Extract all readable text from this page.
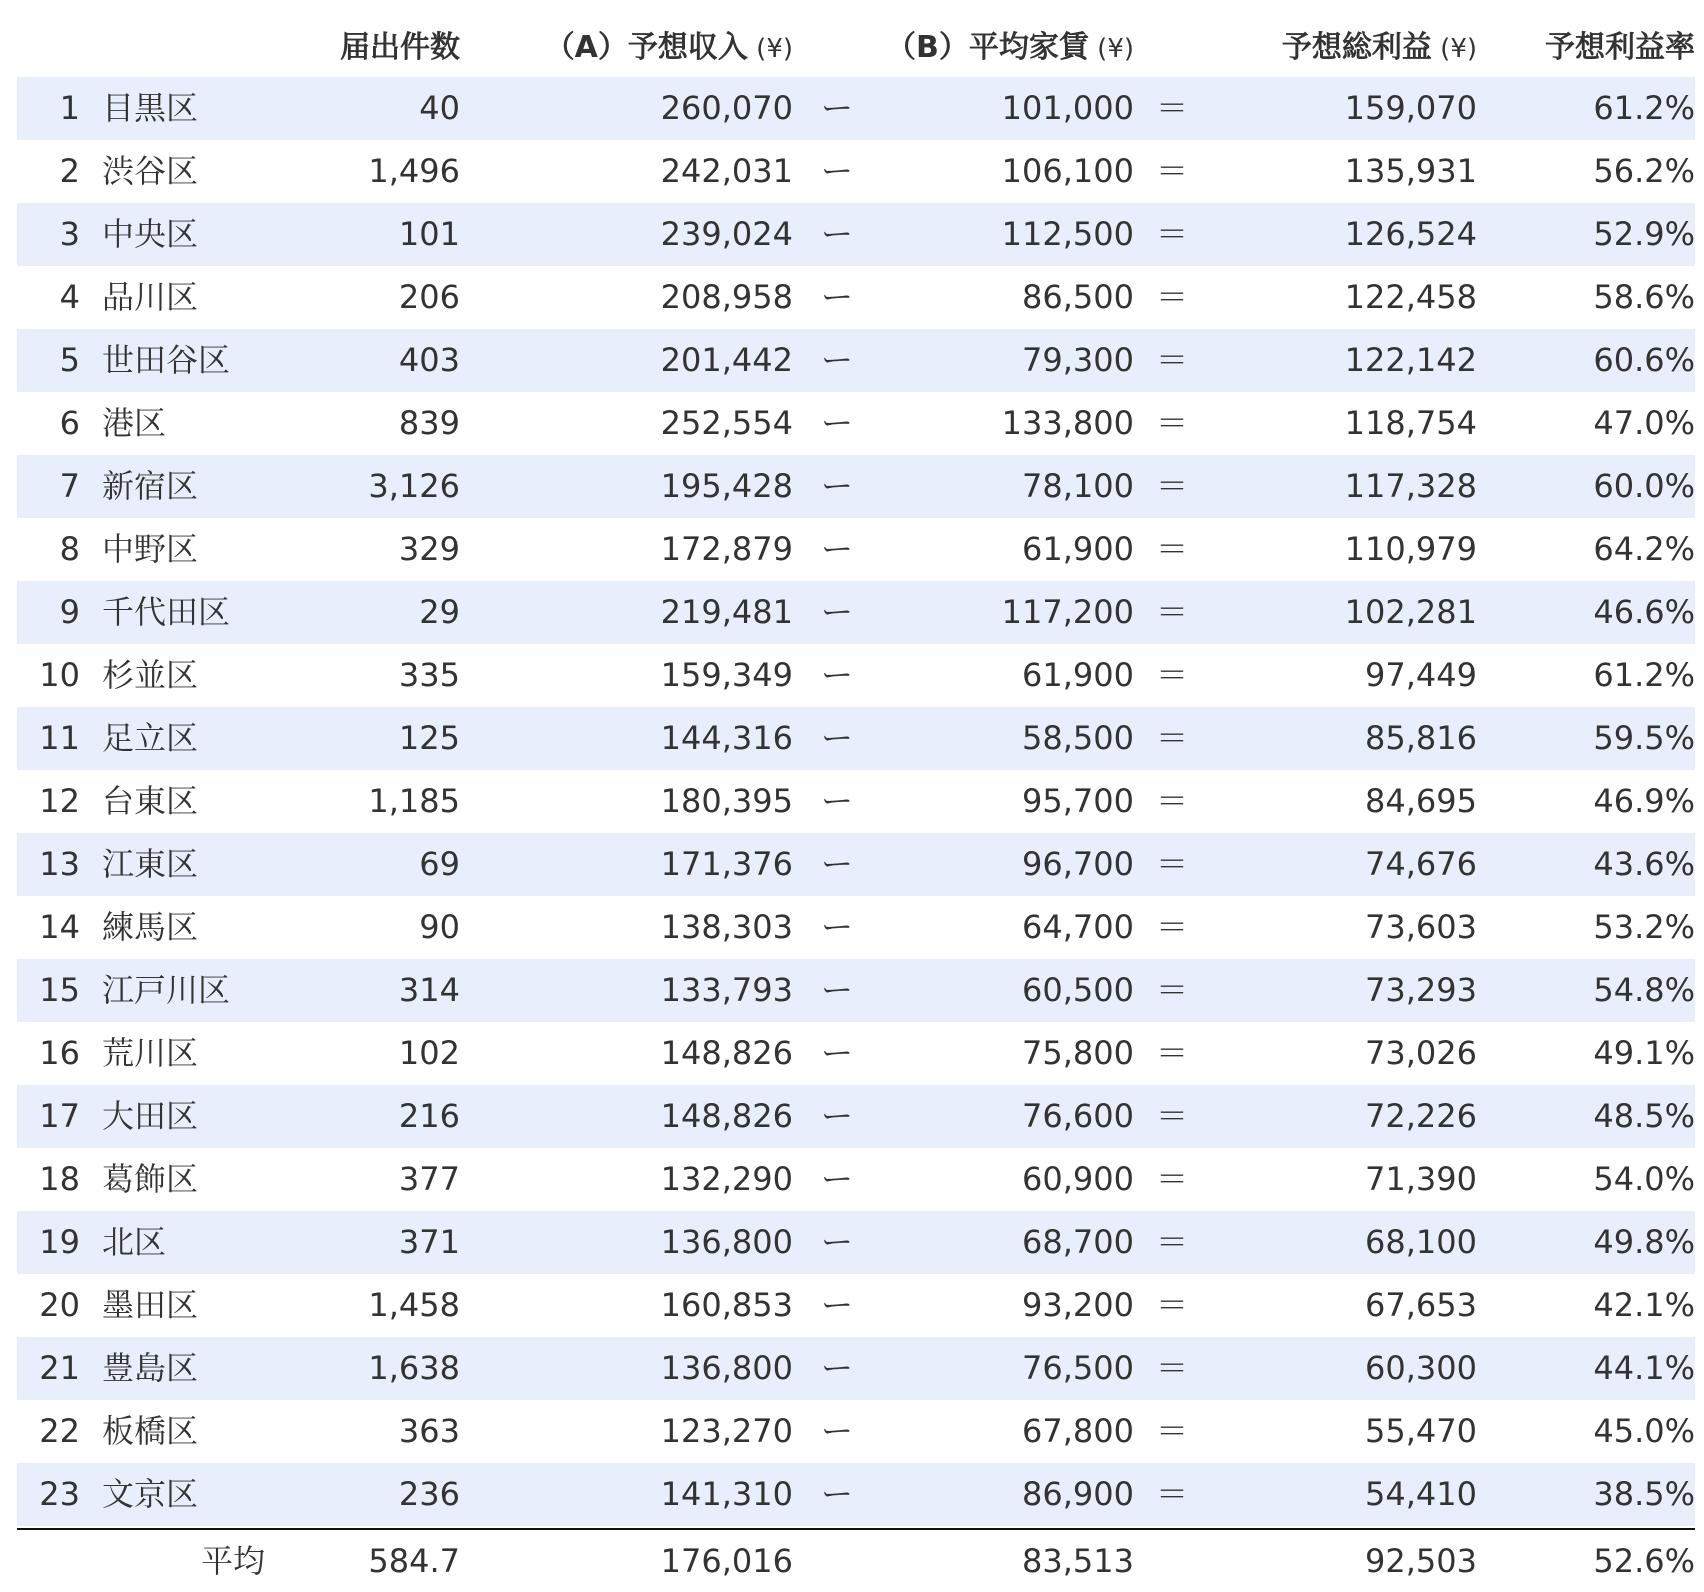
届出件数	（A）予想収入 (¥)	（B）平均家賃 (¥)	予想総利益 (¥)	予想利益率
1 目黒区	40	260,070 ー	101,000 ＝	159,070	61.2%
2 渋谷区	1,496	242,031 ー	106,100 ＝	135,931	56.2%
3 中央区	101	239,024 ー	112,500 ＝	126,524	52.9%
4 品川区	206	208,958 ー	86,500 ＝	122,458	58.6%
5 世田谷区	403	201,442 ー	79,300 ＝	122,142	60.6%
6 港区	839	252,554 ー	133,800 ＝	118,754	47.0%
7 新宿区	3,126	195,428 ー	78,100 ＝	117,328	60.0%
8 中野区	329	172,879 ー	61,900 ＝	110,979	64.2%
9 千代田区	29	219,481 ー	117,200 ＝	102,281	46.6%
10 杉並区	335	159,349 ー	61,900 ＝	97,449	61.2%
11 足立区	125	144,316 ー	58,500 ＝	85,816	59.5%
12 台東区	1,185	180,395 ー	95,700 ＝	84,695	46.9%
13 江東区	69	171,376 ー	96,700 ＝	74,676	43.6%
14 練馬区	90	138,303 ー	64,700 ＝	73,603	53.2%
15 江戸川区	314	133,793 ー	60,500 ＝	73,293	54.8%
16 荒川区	102	148,826 ー	75,800 ＝	73,026	49.1%
17 大田区	216	148,826 ー	76,600 ＝	72,226	48.5%
18 葛飾区	377	132,290 ー	60,900 ＝	71,390	54.0%
19 北区	371	136,800 ー	68,700 ＝	68,100	49.8%
20 墨田区	1,458	160,853 ー	93,200 ＝	67,653	42.1%
21 豊島区	1,638	136,800 ー	76,500 ＝	60,300	44.1%
22 板橋区	363	123,270 ー	67,800 ＝	55,470	45.0%
23 文京区	236	141,310 ー	86,900 ＝	54,410	38.5%
平均	584.7	176,016	83,513	92,503	52.6%
